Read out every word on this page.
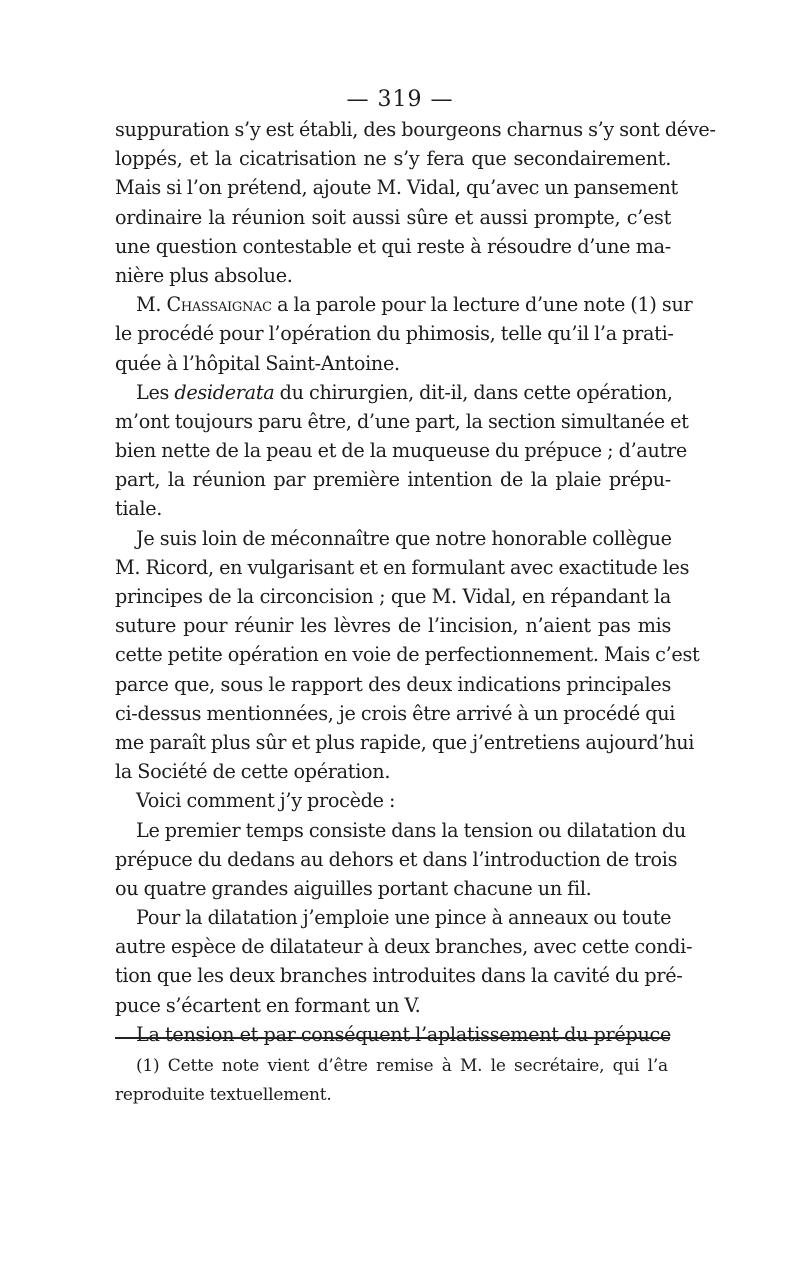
— 319 —
suppuration s’y est établi, des bourgeons charnus s’y sont déve-
loppés, et la cicatrisation ne s’y fera que secondairement.
Mais si l’on prétend, ajoute M. Vidal, qu’avec un pansement
ordinaire la réunion soit aussi sûre et aussi prompte, c’est
une question contestable et qui reste à résoudre d’une ma-
nière plus absolue.
M. Chassaignac a la parole pour la lecture d’une note (1) sur
le procédé pour l’opération du phimosis, telle qu’il l’a prati-
quée à l’hôpital Saint-Antoine.
Les desiderata du chirurgien, dit-il, dans cette opération,
m’ont toujours paru être, d’une part, la section simultanée et
bien nette de la peau et de la muqueuse du prépuce ; d’autre
part, la réunion par première intention de la plaie prépu-
tiale.
Je suis loin de méconnaître que notre honorable collègue
M. Ricord, en vulgarisant et en formulant avec exactitude les
principes de la circoncision ; que M. Vidal, en répandant la
suture pour réunir les lèvres de l’incision, n’aient pas mis
cette petite opération en voie de perfectionnement. Mais c’est
parce que, sous le rapport des deux indications principales
ci-dessus mentionnées, je crois être arrivé à un procédé qui
me paraît plus sûr et plus rapide, que j’entretiens aujourd’hui
la Société de cette opération.
Voici comment j’y procède :
Le premier temps consiste dans la tension ou dilatation du
prépuce du dedans au dehors et dans l’introduction de trois
ou quatre grandes aiguilles portant chacune un fil.
Pour la dilatation j’emploie une pince à anneaux ou toute
autre espèce de dilatateur à deux branches, avec cette condi-
tion que les deux branches introduites dans la cavité du pré-
puce s’écartent en formant un V.
La tension et par conséquent l’aplatissement du prépuce
(1) Cette note vient d’être remise à M. le secrétaire, qui l’a
reproduite textuellement.
